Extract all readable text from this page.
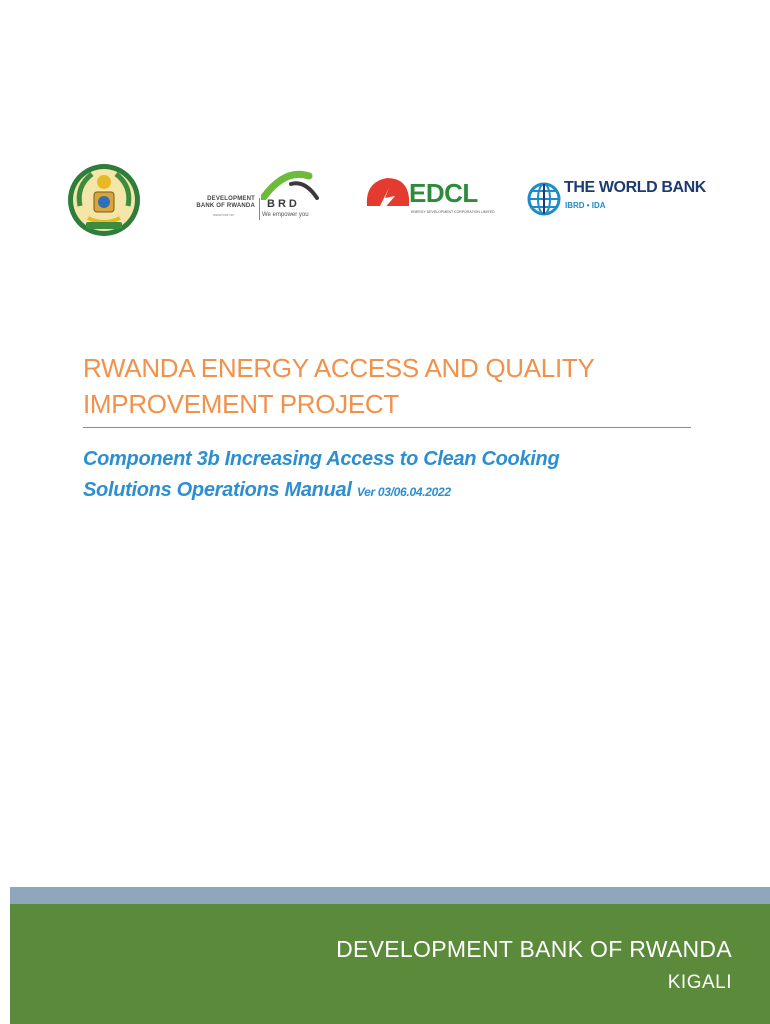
DEVELOPMENT
BANK OF RWANDA
www.brd.rw
BRD
We empower you
EDCL
ENERGY DEVELOPMENT CORPORATION LIMITED
THE WORLD BANK
IBRD • IDA
RWANDA ENERGY ACCESS AND QUALITY
IMPROVEMENT PROJECT
Component 3b Increasing Access to Clean Cooking
Solutions Operations Manual Ver 03/06.04.2022
DEVELOPMENT BANK OF RWANDA
KIGALI
